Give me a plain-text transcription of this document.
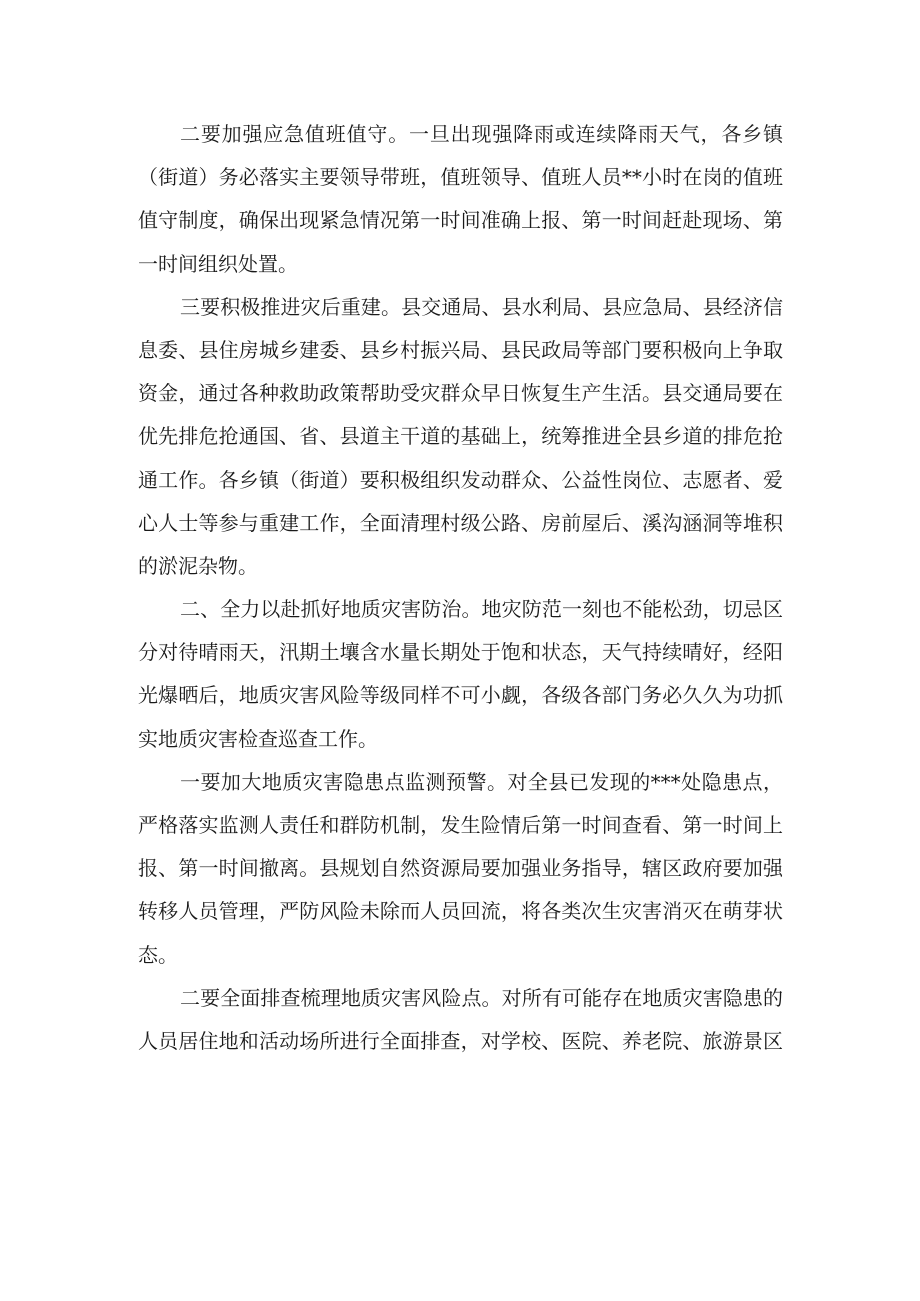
二要加强应急值班值守。一旦出现强降雨或连续降雨天气，各乡镇
（街道）务必落实主要领导带班，值班领导、值班人员**小时在岗的值班
值守制度，确保出现紧急情况第一时间准确上报、第一时间赶赴现场、第
一时间组织处置。
三要积极推进灾后重建。县交通局、县水利局、县应急局、县经济信
息委、县住房城乡建委、县乡村振兴局、县民政局等部门要积极向上争取
资金，通过各种救助政策帮助受灾群众早日恢复生产生活。县交通局要在
优先排危抢通国、省、县道主干道的基础上，统筹推进全县乡道的排危抢
通工作。各乡镇（街道）要积极组织发动群众、公益性岗位、志愿者、爱
心人士等参与重建工作，全面清理村级公路、房前屋后、溪沟涵洞等堆积
的淤泥杂物。
二、全力以赴抓好地质灾害防治。地灾防范一刻也不能松劲，切忌区
分对待晴雨天，汛期土壤含水量长期处于饱和状态，天气持续晴好，经阳
光爆晒后，地质灾害风险等级同样不可小觑，各级各部门务必久久为功抓
实地质灾害检查巡查工作。
一要加大地质灾害隐患点监测预警。对全县已发现的***处隐患点，
严格落实监测人责任和群防机制，发生险情后第一时间查看、第一时间上
报、第一时间撤离。县规划自然资源局要加强业务指导，辖区政府要加强
转移人员管理，严防风险未除而人员回流，将各类次生灾害消灭在萌芽状
态。
二要全面排查梳理地质灾害风险点。对所有可能存在地质灾害隐患的
人员居住地和活动场所进行全面排查，对学校、医院、养老院、旅游景区
